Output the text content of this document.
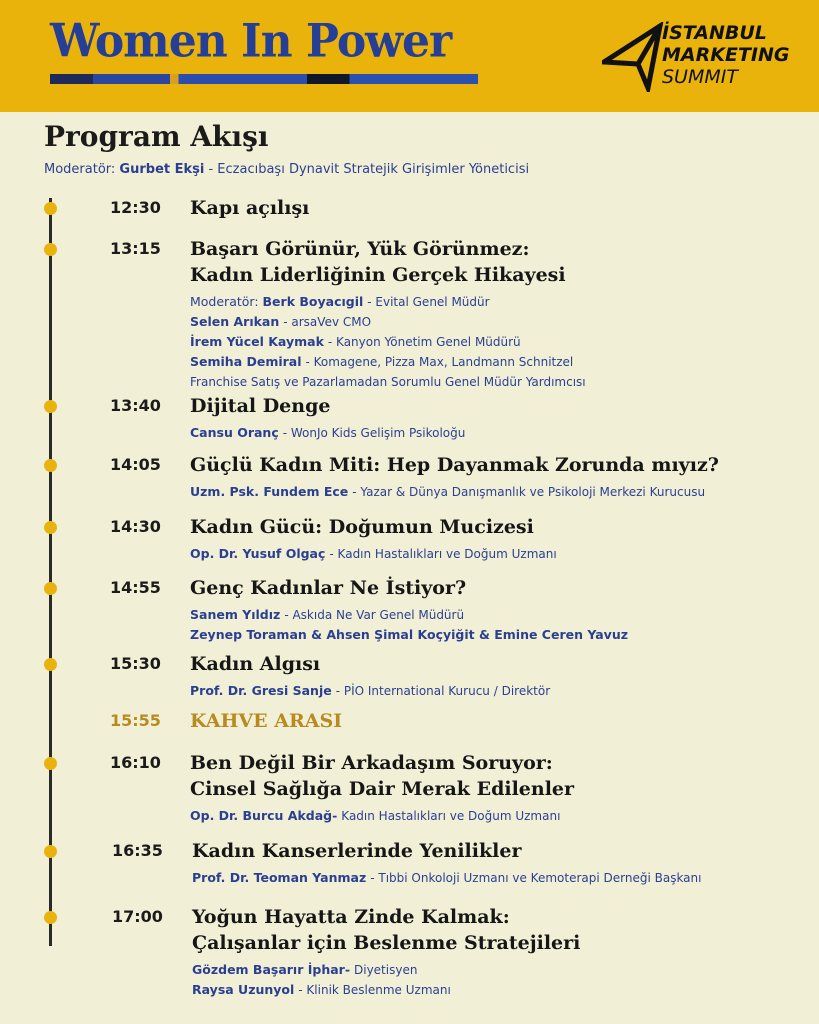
Women In Power	İSTANBUL
MARKETING
SUMMIT
Program Akışı
Moderatör: Gurbet Ekşi - Eczacıbaşı Dynavit Stratejik Girişimler Yöneticisi
12:30 Kapı açılışı
13:15 Başarı Görünür, Yük Görünmez:
Kadın Liderliğinin Gerçek Hikayesi
Moderatör: Berk Boyacıgil - Evital Genel Müdür
Selen Arıkan - arsaVev CMO
İrem Yücel Kaymak - Kanyon Yönetim Genel Müdürü
Semiha Demiral - Komagene, Pizza Max, Landmann Schnitzel
Franchise Satış ve Pazarlamadan Sorumlu Genel Müdür Yardımcısı
13:40 Dijital Denge
Cansu Oranç - WonJo Kids Gelişim Psikoloğu
14:05 Güçlü Kadın Miti: Hep Dayanmak Zorunda mıyız?
Uzm. Psk. Fundem Ece - Yazar & Dünya Danışmanlık ve Psikoloji Merkezi Kurucusu
14:30 Kadın Gücü: Doğumun Mucizesi
Op. Dr. Yusuf Olgaç - Kadın Hastalıkları ve Doğum Uzmanı
14:55 Genç Kadınlar Ne İstiyor?
Sanem Yıldız - Askıda Ne Var Genel Müdürü
Zeynep Toraman & Ahsen Şimal Koçyiğit & Emine Ceren Yavuz
15:30 Kadın Algısı
Prof. Dr. Gresi Sanje - PİO International Kurucu / Direktör
15:55 KAHVE ARASI
16:10 Ben Değil Bir Arkadaşım Soruyor:
Cinsel Sağlığa Dair Merak Edilenler
Op. Dr. Burcu Akdağ- Kadın Hastalıkları ve Doğum Uzmanı
16:35 Kadın Kanserlerinde Yenilikler
Prof. Dr. Teoman Yanmaz - Tıbbi Onkoloji Uzmanı ve Kemoterapi Derneği Başkanı
17:00 Yoğun Hayatta Zinde Kalmak:
Çalışanlar için Beslenme Stratejileri
Gözdem Başarır İphar- Diyetisyen
Raysa Uzunyol - Klinik Beslenme Uzmanı
